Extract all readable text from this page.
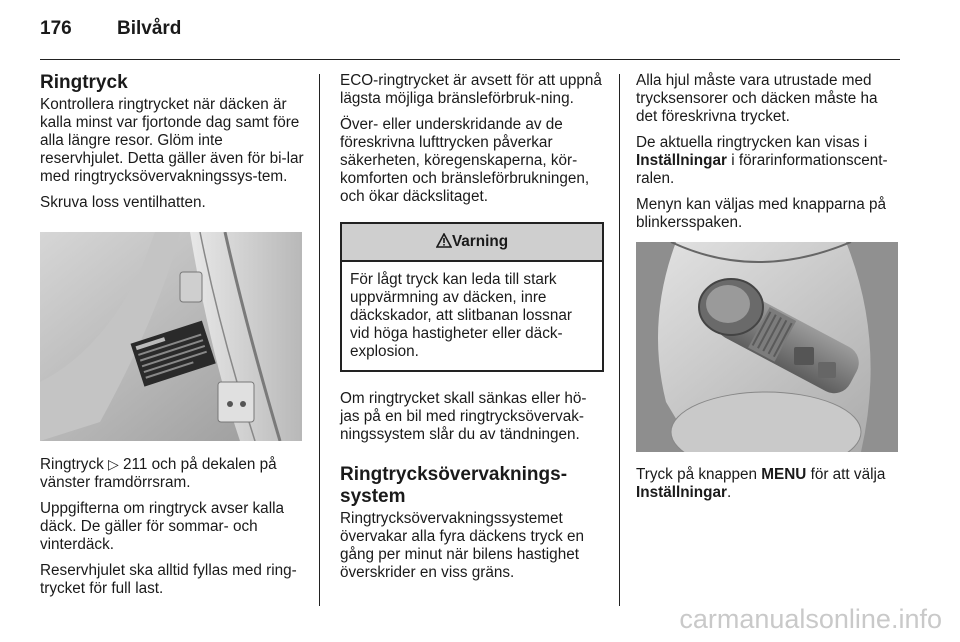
176 Bilvård
Ringtryck

Kontrollera ringtrycket när däcken är kalla minst var fjortonde dag samt före alla längre resor. Glöm inte reservhjulet. Detta gäller även för bi-lar med ringtrycksövervakningssys-tem.

Skruva loss ventilhatten.

Ringtryck ▷ 211 och på dekalen på vänster framdörrsram.

Uppgifterna om ringtryck avser kalla däck. De gäller för sommar- och vinterdäck.

Reservhjulet ska alltid fyllas med ring-trycket för full last.

ECO-ringtrycket är avsett för att uppnå lägsta möjliga bränsleförbruk-ning.

Över- eller underskridande av de föreskrivna lufttrycken påverkar säkerheten, köregenskaperna, kör-komforten och bränsleförbrukningen, och ökar däckslitaget.

Varning
För lågt tryck kan leda till stark uppvärmning av däcken, inre däckskador, att slitbanan lossnar vid höga hastigheter eller däck-explosion.

Om ringtrycket skall sänkas eller hö-jas på en bil med ringtrycksövervak-ningssystem slår du av tändningen.

Ringtrycksövervaknings-system

Ringtrycksövervakningssystemet övervakar alla fyra däckens tryck en gång per minut när bilens hastighet överskrider en viss gräns.

Alla hjul måste vara utrustade med trycksensorer och däcken måste ha det föreskrivna trycket.

De aktuella ringtrycken kan visas i Inställningar i förarinformationscent-ralen.

Menyn kan väljas med knapparna på blinkersspaken.

Tryck på knappen MENU för att välja Inställningar.

carmanualsonline.info
